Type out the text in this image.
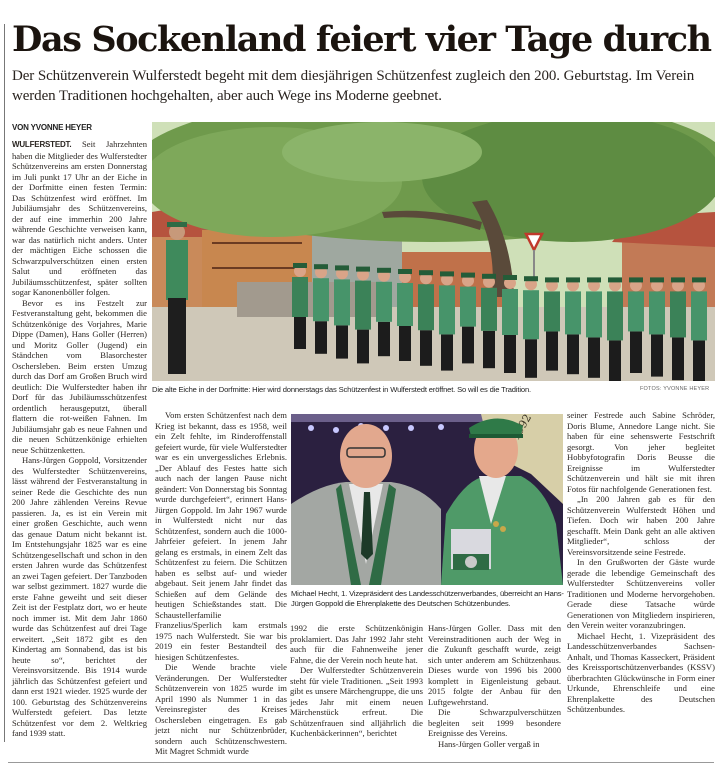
Das Sockenland feiert vier Tage durch
Der Schützenverein Wulferstedt begeht mit dem diesjährigen Schützenfest zugleich den 200. Geburtstag. Im Verein werden Traditionen hochgehalten, aber auch Wege ins Moderne geebnet.
VON YVONNE HEYER

WULFERSTEDT. Seit Jahrzehnten haben die Mitglieder des Wulferstedter Schützenvereins am ersten Donnerstag im Juli punkt 17 Uhr an der Eiche in der Dorfmitte einen festen Termin: Das Schützenfest wird eröffnet. Im Jubiläumsjahr des Schützenvereins, der auf eine immerhin 200 Jahre währende Geschichte verweisen kann, war das natürlich nicht anders. Unter der mächtigen Eiche schossen die Schwarzpulverschützen einen ersten Salut und eröffneten das Jubiläumsschützenfest, später sollten sogar Kanonenböller folgen.

Bevor es ins Festzelt zur Festveranstaltung geht, bekommen die Schützenkönige des Vorjahres, Marie Dippe (Damen), Hans Goller (Herren) und Moritz Goller (Jugend) ein Ständchen vom Blasorchester Oschersleben. Beim ersten Umzug durch das Dorf am Großen Bruch wird deutlich: Die Wulferstedter haben ihr Dorf für das Jubiläumsschützenfest ordentlich herausgeputzt, überall flattern die rot-weißen Fahnen. Im Jubiläumsjahr gab es neue Fahnen und die neuen Schützenkönige erhielten neue Schützenketten.

Hans-Jürgen Goppold, Vorsitzender des Wulferstedter Schützenvereins, lässt während der Festveranstaltung in seiner Rede die Geschichte des nun 200 Jahre zählenden Vereins Revue passieren. Ja, es ist ein Verein mit einer großen Geschichte, auch wenn das genaue Datum nicht bekannt ist. Im Entstehungsjahr 1825 war es eine Schützengesellschaft und schon in den ersten Jahren wurde das Schützenfest an zwei Tagen gefeiert. Der Tanzboden war selbst gezimmert. 1827 wurde die erste Fahne geweiht und seit dieser Zeit ist der Festplatz dort, wo er heute noch immer ist. Mit dem Jahr 1860 wurde das Schützenfest auf drei Tage erweitert. „Seit 1872 gibt es den Kindertag am Sonnabend, das ist bis heute so“, berichtet der Vereinsvorsitzende. Bis 1914 wurde jährlich das Schützenfest gefeiert und dann erst 1921 wieder. 1925 wurde der 100. Geburtstag des Schützenvereins Wulferstedt gefeiert. Das letzte Schützenfest vor dem 2. Weltkrieg fand 1939 statt.

Die alte Eiche in der Dorfmitte: Hier wird donnerstags das Schützenfest in Wulferstedt eröffnet. So will es die Tradition.	FOTOS: YVONNE HEYER

Vom ersten Schützenfest nach dem Krieg ist bekannt, dass es 1958, weil ein Zelt fehlte, im Rinderoffenstall gefeiert wurde, für viele Wulferstedter war es ein unvergessliches Erlebnis. „Der Ablauf des Festes hatte sich auch nach der langen Pause nicht geändert: Von Donnerstag bis Sonntag wurde durchgefeiert“, erinnert Hans-Jürgen Goppold. Im Jahr 1967 wurde in Wulferstedt nicht nur das Schützenfest, sondern auch die 1000-Jahrfeier gefeiert. In jenem Jahr gelang es erstmals, in einem Zelt das Schützenfest zu feiern. Die Schützen haben es selbst auf- und wieder abgebaut. Seit jenem Jahr findet das Schießen auf dem Gelände des heutigen Schießstandes statt. Die Schaustellerfamilie Franzelius/Sperlich kam erstmals 1975 nach Wulferstedt. Sie war bis 2019 ein fester Bestandteil des hiesigen Schützenfestes.

Die Wende brachte viele Veränderungen. Der Wulferstedter Schützenverein von 1825 wurde im April 1990 als Nummer 1 in das Vereinsregister des Kreises Oschersleben eingetragen. Es gab jetzt nicht nur Schützenbrüder, sondern auch Schützenschwestern. Mit Magret Schmidt wurde

Michael Hecht, 1. Vizepräsident des Landesschützenverbandes, überreicht an Hans-Jürgen Goppold die Ehrenplakette des Deutschen Schützenbundes.

1992 die erste Schützenkönigin proklamiert. Das Jahr 1992 Jahr steht auch für die Fahnenweihe jener Fahne, die der Verein noch heute hat.

Der Wulferstedter Schützenverein steht für viele Traditionen. „Seit 1993 gibt es unsere Märchengruppe, die uns jedes Jahr mit einem neuen Märchenstück erfreut. Die Schützenfrauen sind alljährlich die Kuchenbäckerinnen“, berichtet

Hans-Jürgen Goller. Dass mit den Vereinstraditionen auch der Weg in die Zukunft geschafft wurde, zeigt sich unter anderem am Schützenhaus. Dieses wurde von 1996 bis 2000 komplett in Eigenleistung gebaut. 2015 folgte der Anbau für den Luftgewehrstand.

Die Schwarzpulverschützen begleiten seit 1999 besondere Ereignisse des Vereins.

Hans-Jürgen Goller vergaß in

seiner Festrede auch Sabine Schröder, Doris Blume, Annedore Lange nicht. Sie haben für eine sehenswerte Festschrift gesorgt. Von jeher begleitet Hobbyfotografin Doris Beusse die Ereignisse im Wulferstedter Schützenverein und hält sie mit ihren Fotos für nachfolgende Generationen fest.

„In 200 Jahren gab es für den Schützenverein Wulferstedt Höhen und Tiefen. Doch wir haben 200 Jahre geschafft. Mein Dank geht an alle aktiven Mitglieder“, schloss der Vereinsvorsitzende seine Festrede.

In den Grußworten der Gäste wurde gerade die lebendige Gemeinschaft des Wulferstedter Schützenvereins voller Traditionen und Moderne hervorgehoben. Gerade diese Tatsache würde Generationen von Mitgliedern inspirieren, den Verein weiter voranzubringen.

Michael Hecht, 1. Vizepräsident des Landesschützenverbandes Sachsen-Anhalt, und Thomas Kasseckert, Präsident des Kreissportschützenverbandes (KSSV) überbrachten Glückwünsche in Form einer Urkunde, Ehrenschleife und eine Ehrenplakette des Deutschen Schützenbundes.
